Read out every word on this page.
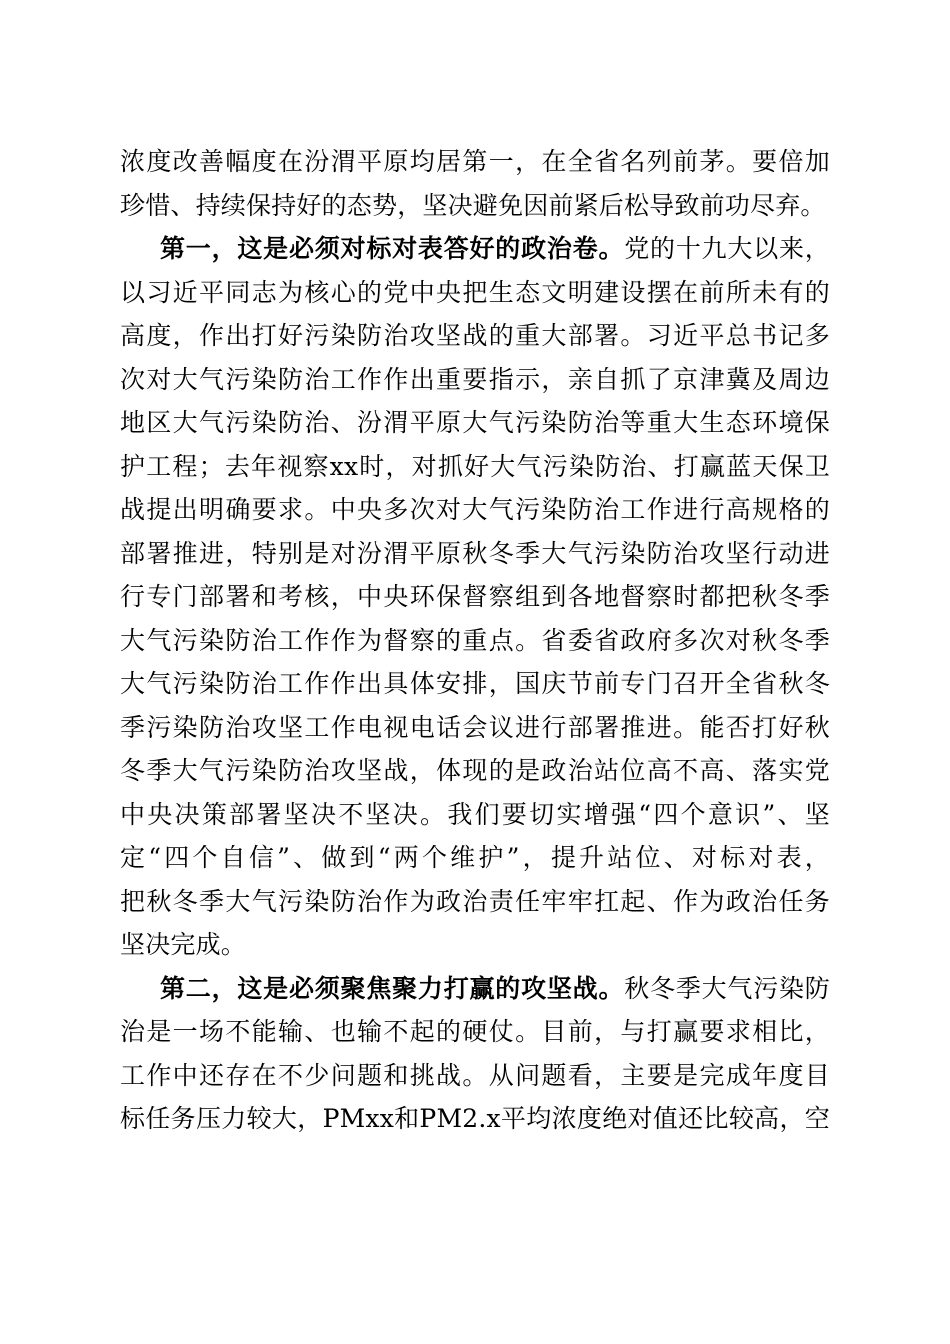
浓度改善幅度在汾渭平原均居第一，在全省名列前茅。要倍加
珍惜、持续保持好的态势，坚决避免因前紧后松导致前功尽弃。
第一，这是必须对标对表答好的政治卷。党的十九大以来，
以习近平同志为核心的党中央把生态文明建设摆在前所未有的
高度，作出打好污染防治攻坚战的重大部署。习近平总书记多
次对大气污染防治工作作出重要指示，亲自抓了京津冀及周边
地区大气污染防治、汾渭平原大气污染防治等重大生态环境保
护工程；去年视察xx时，对抓好大气污染防治、打赢蓝天保卫
战提出明确要求。中央多次对大气污染防治工作进行高规格的
部署推进，特别是对汾渭平原秋冬季大气污染防治攻坚行动进
行专门部署和考核，中央环保督察组到各地督察时都把秋冬季
大气污染防治工作作为督察的重点。省委省政府多次对秋冬季
大气污染防治工作作出具体安排，国庆节前专门召开全省秋冬
季污染防治攻坚工作电视电话会议进行部署推进。能否打好秋
冬季大气污染防治攻坚战，体现的是政治站位高不高、落实党
中央决策部署坚决不坚决。我们要切实增强“四个意识”、坚
定“四个自信”、做到“两个维护”，提升站位、对标对表，
把秋冬季大气污染防治作为政治责任牢牢扛起、作为政治任务
坚决完成。
第二，这是必须聚焦聚力打赢的攻坚战。秋冬季大气污染防
治是一场不能输、也输不起的硬仗。目前，与打赢要求相比，
工作中还存在不少问题和挑战。从问题看，主要是完成年度目
标任务压力较大，PMxx和PM2.x平均浓度绝对值还比较高，空
